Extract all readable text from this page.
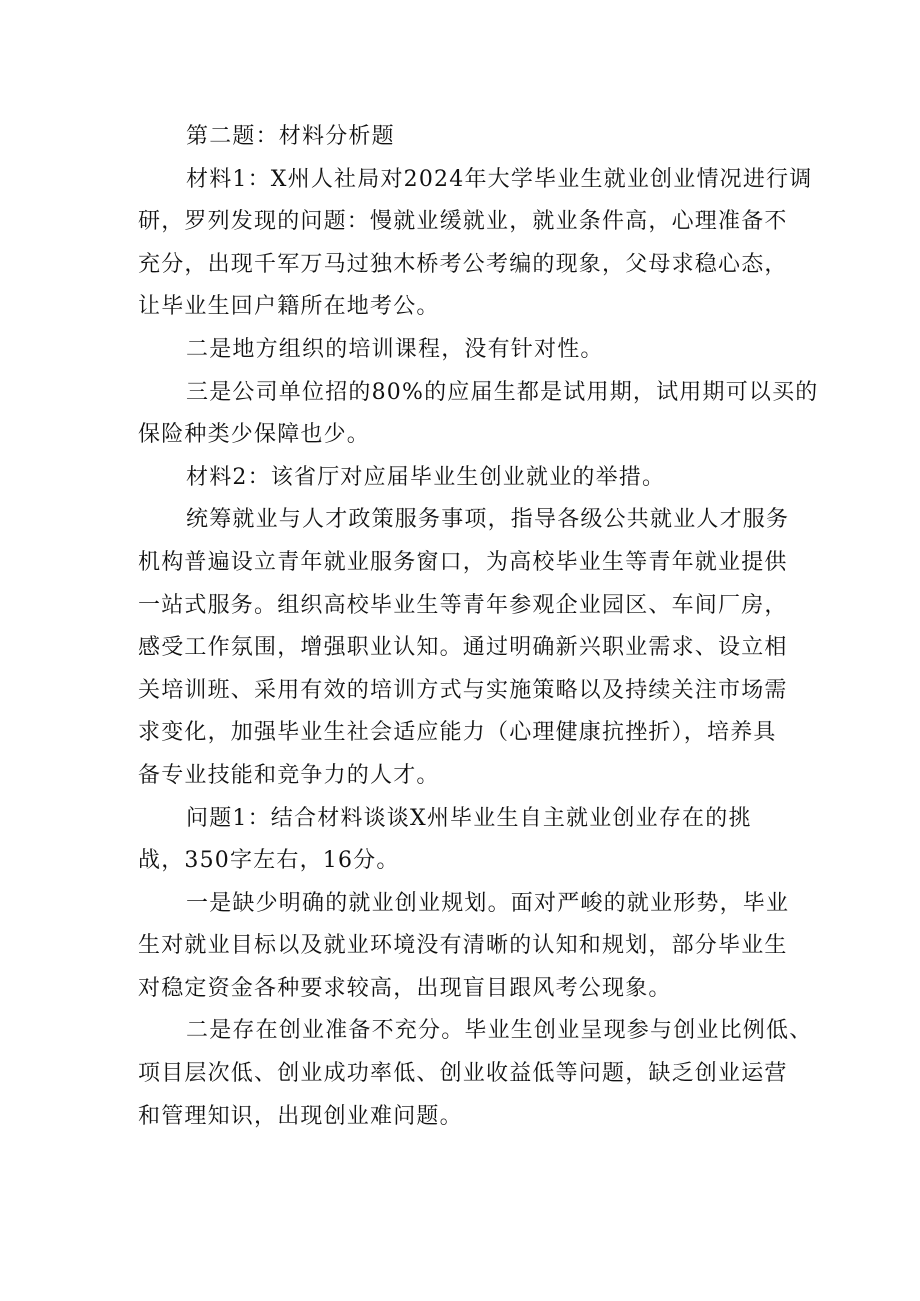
第二题：材料分析题
材料1：X州人社局对2024年大学毕业生就业创业情况进行调
研，罗列发现的问题：慢就业缓就业，就业条件高，心理准备不
充分，出现千军万马过独木桥考公考编的现象，父母求稳心态，
让毕业生回户籍所在地考公。
二是地方组织的培训课程，没有针对性。
三是公司单位招的80%的应届生都是试用期，试用期可以买的
保险种类少保障也少。
材料2：该省厅对应届毕业生创业就业的举措。
统筹就业与人才政策服务事项，指导各级公共就业人才服务
机构普遍设立青年就业服务窗口，为高校毕业生等青年就业提供
一站式服务。组织高校毕业生等青年参观企业园区、车间厂房，
感受工作氛围，增强职业认知。通过明确新兴职业需求、设立相
关培训班、采用有效的培训方式与实施策略以及持续关注市场需
求变化，加强毕业生社会适应能力（心理健康抗挫折），培养具
备专业技能和竞争力的人才。
问题1：结合材料谈谈X州毕业生自主就业创业存在的挑
战，350字左右，16分。
一是缺少明确的就业创业规划。面对严峻的就业形势，毕业
生对就业目标以及就业环境没有清晰的认知和规划，部分毕业生
对稳定资金各种要求较高，出现盲目跟风考公现象。
二是存在创业准备不充分。毕业生创业呈现参与创业比例低、
项目层次低、创业成功率低、创业收益低等问题，缺乏创业运营
和管理知识，出现创业难问题。
